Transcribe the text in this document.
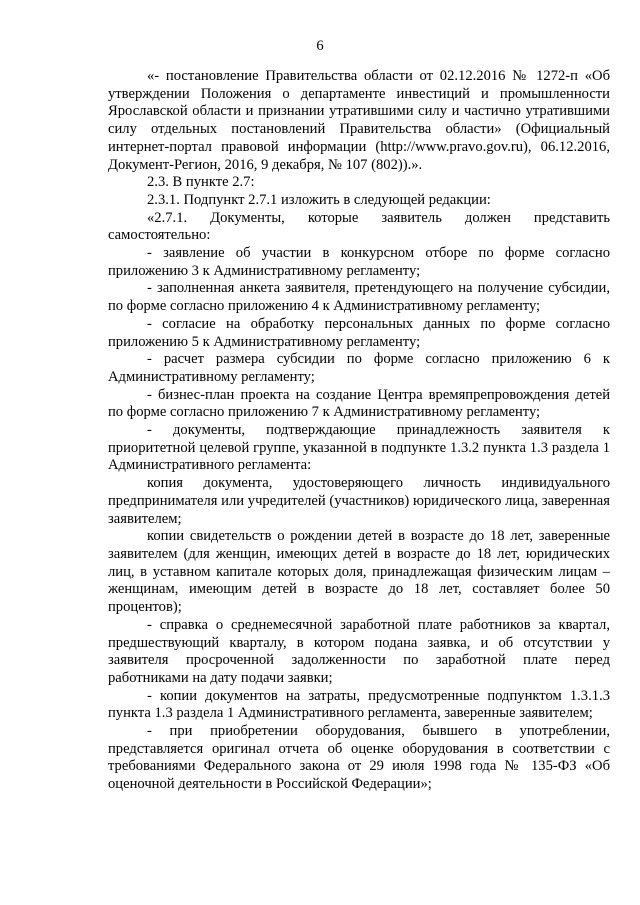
6

«- постановление Правительства области от 02.12.2016 № 1272-п «Об утверждении Положения о департаменте инвестиций и промышленности Ярославской области и признании утратившими силу и частично утратившими силу отдельных постановлений Правительства области» (Официальный интернет-портал правовой информации (http://www.pravo.gov.ru), 06.12.2016, Документ-Регион, 2016, 9 декабря, № 107 (802)).».

2.3. В пункте 2.7:

2.3.1. Подпункт 2.7.1 изложить в следующей редакции:

«2.7.1. Документы, которые заявитель должен представить самостоятельно:

- заявление об участии в конкурсном отборе по форме согласно приложению 3 к Административному регламенту;

- заполненная анкета заявителя, претендующего на получение субсидии, по форме согласно приложению 4 к Административному регламенту;

- согласие на обработку персональных данных по форме согласно приложению 5 к Административному регламенту;

- расчет размера субсидии по форме согласно приложению 6 к Административному регламенту;

- бизнес-план проекта на создание Центра времяпрепровождения детей по форме согласно приложению 7 к Административному регламенту;

- документы, подтверждающие принадлежность заявителя к приоритетной целевой группе, указанной в подпункте 1.3.2 пункта 1.3 раздела 1 Административного регламента:

копия документа, удостоверяющего личность индивидуального предпринимателя или учредителей (участников) юридического лица, заверенная заявителем;

копии свидетельств о рождении детей в возрасте до 18 лет, заверенные заявителем (для женщин, имеющих детей в возрасте до 18 лет, юридических лиц, в уставном капитале которых доля, принадлежащая физическим лицам – женщинам, имеющим детей в возрасте до 18 лет, составляет более 50 процентов);

- справка о среднемесячной заработной плате работников за квартал, предшествующий кварталу, в котором подана заявка, и об отсутствии у заявителя просроченной задолженности по заработной плате перед работниками на дату подачи заявки;

- копии документов на затраты, предусмотренные подпунктом 1.3.1.3 пункта 1.3 раздела 1 Административного регламента, заверенные заявителем;

- при приобретении оборудования, бывшего в употреблении, представляется оригинал отчета об оценке оборудования в соответствии с требованиями Федерального закона от 29 июля 1998 года № 135-ФЗ «Об оценочной деятельности в Российской Федерации»;
